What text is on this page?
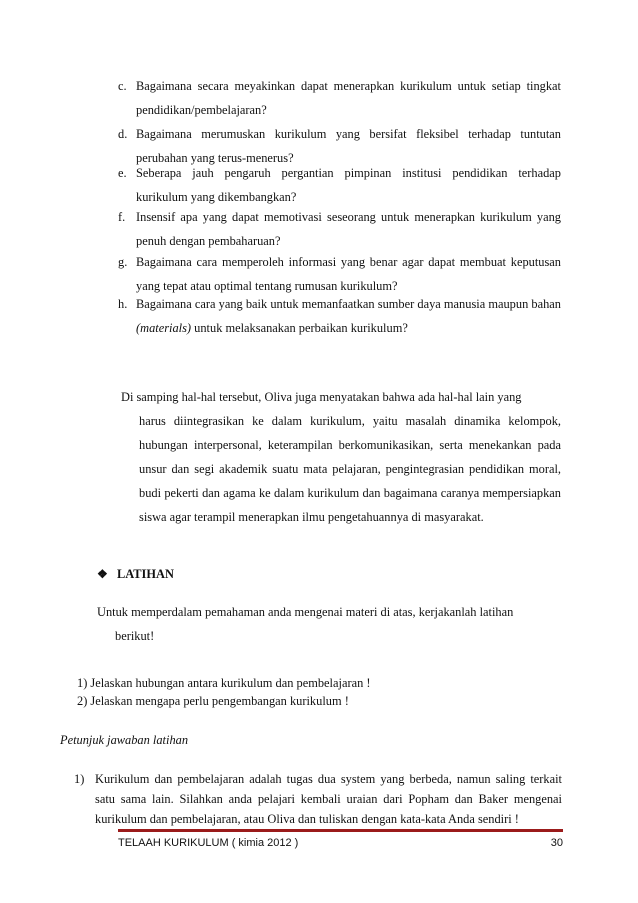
c. Bagaimana secara meyakinkan dapat menerapkan kurikulum untuk setiap tingkat pendidikan/pembelajaran?
d. Bagaimana merumuskan kurikulum yang bersifat fleksibel terhadap tuntutan perubahan yang terus-menerus?
e. Seberapa jauh pengaruh pergantian pimpinan institusi pendidikan terhadap kurikulum yang dikembangkan?
f. Insensif apa yang dapat memotivasi seseorang untuk menerapkan kurikulum yang penuh dengan pembaharuan?
g. Bagaimana cara memperoleh informasi yang benar agar dapat membuat keputusan yang tepat atau optimal tentang rumusan kurikulum?
h. Bagaimana cara yang baik untuk memanfaatkan sumber daya manusia maupun bahan (materials) untuk melaksanakan perbaikan kurikulum?
Di samping hal-hal tersebut, Oliva juga menyatakan bahwa ada hal-hal lain yang
harus diintegrasikan ke dalam kurikulum, yaitu masalah dinamika kelompok, hubungan interpersonal, keterampilan berkomunikasikan, serta menekankan pada unsur dan segi akademik suatu mata pelajaran, pengintegrasian pendidikan moral, budi pekerti dan agama ke dalam kurikulum dan bagaimana caranya mempersiapkan siswa agar terampil menerapkan ilmu pengetahuannya di masyarakat.
❖ LATIHAN
Untuk memperdalam pemahaman anda mengenai materi di atas, kerjakanlah latihan
berikut!
1) Jelaskan hubungan antara kurikulum dan pembelajaran !
2) Jelaskan mengapa perlu pengembangan kurikulum !
Petunjuk jawaban latihan
1) Kurikulum dan pembelajaran adalah tugas dua system yang berbeda, namun saling terkait satu sama lain. Silahkan anda pelajari kembali uraian dari Popham dan Baker mengenai kurikulum dan pembelajaran, atau Oliva dan tuliskan dengan kata-kata Anda sendiri !
TELAAH KURIKULUM ( kimia 2012 )	30
